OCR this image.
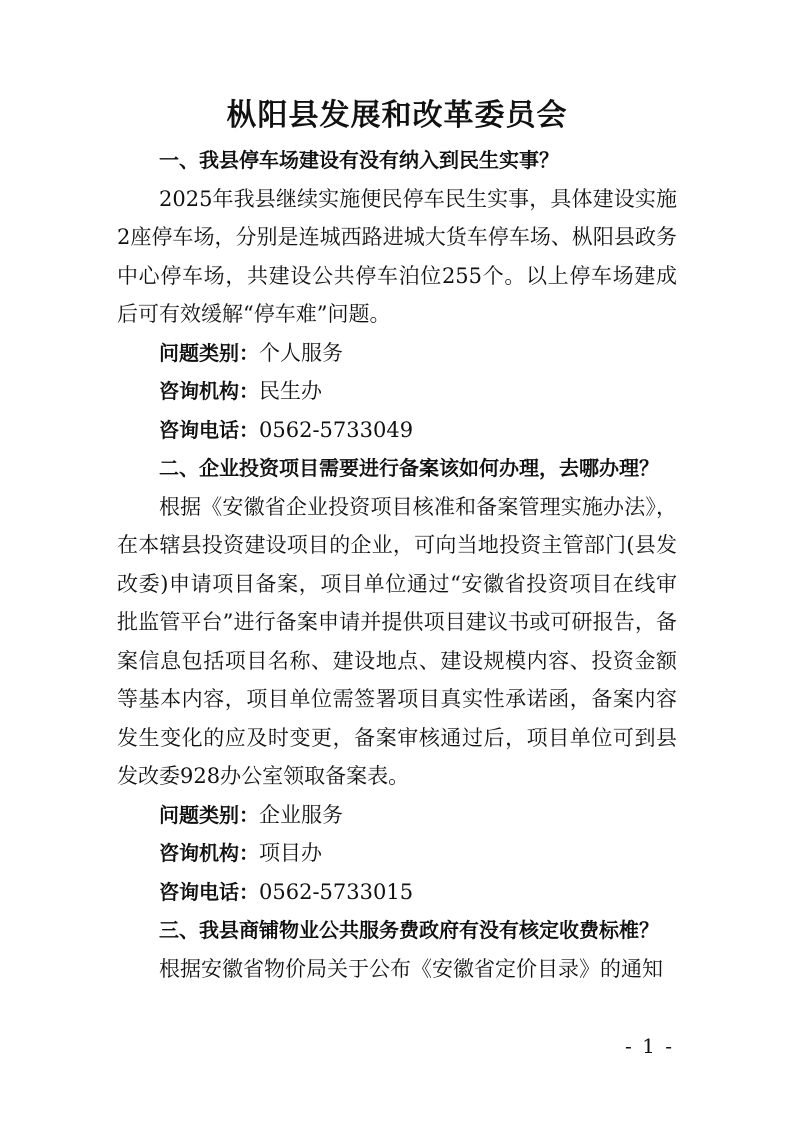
枞阳县发展和改革委员会

一、我县停车场建设有没有纳入到民生实事？

2025年我县继续实施便民停车民生实事，具体建设实施2座停车场，分别是连城西路进城大货车停车场、枞阳县政务中心停车场，共建设公共停车泊位255个。以上停车场建成后可有效缓解“停车难”问题。

问题类别：个人服务

咨询机构：民生办

咨询电话：0562-5733049

二、企业投资项目需要进行备案该如何办理，去哪办理？

根据《安徽省企业投资项目核准和备案管理实施办法》，在本辖县投资建设项目的企业，可向当地投资主管部门(县发改委)申请项目备案，项目单位通过“安徽省投资项目在线审批监管平台”进行备案申请并提供项目建议书或可研报告，备案信息包括项目名称、建设地点、建设规模内容、投资金额等基本内容，项目单位需签署项目真实性承诺函，备案内容发生变化的应及时变更，备案审核通过后，项目单位可到县发改委928办公室领取备案表。

问题类别：企业服务

咨询机构：项目办

咨询电话：0562-5733015

三、我县商铺物业公共服务费政府有没有核定收费标椎？

根据安徽省物价局关于公布《安徽省定价目录》的通知

- 1 -
